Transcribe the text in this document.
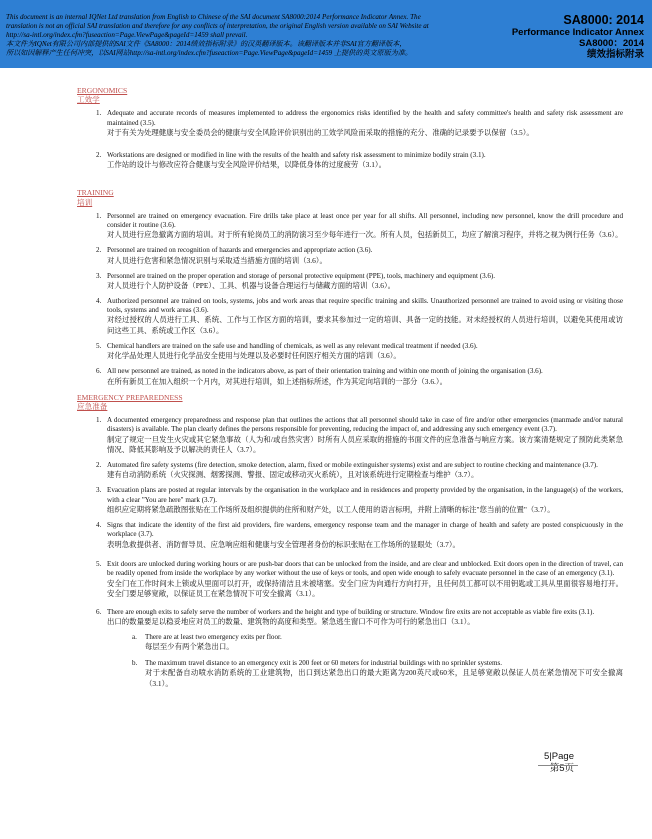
This document is an internal IQNet Ltd translation from English to Chinese of the SAI document SA8000:2014 Performance Indicator Annex. The
translation is not an official SAI translation and therefore for any conflicts of interpretation, the original English version available on SAI Website at
http://sa-intl.org/index.cfm?fuseaction=Page.ViewPage&pageId=1459 shall prevail.
本文件为IQNet有限公司内部提供的SAI文件《SA8000：2014绩效指标附录》的汉英翻译版本。该翻译版本并非SAI官方翻译版本，
所以如因解释产生任何冲突，以SAI网站http://sa-intl.org/index.cfm?fuseaction=Page.ViewPage&pageId=1459 上提供的英文原版为准。
SA8000: 2014
Performance Indicator Annex
SA8000：2014
绩效指标附录
ERGONOMICS
工效学
1. Adequate and accurate records of measures implemented to address the ergonomics risks identified by the health and safety committee's health and safety risk assessment are maintained (3.5).
对于有关为处理健康与安全委员会的健康与安全风险评价识别出的工效学风险而采取的措施的充分、准确的记录要予以保留（3.5）。
2. Workstations are designed or modified in line with the results of the health and safety risk assessment to minimize bodily strain (3.1).
工作站的设计与修改应符合健康与安全风险评价结果，以降低身体的过度疲劳（3.1）。
TRAINING
培训
1. Personnel are trained on emergency evacuation. Fire drills take place at least once per year for all shifts. All personnel, including new personnel, know the drill procedure and consider it routine (3.6).
对人员进行应急撤离方面的培训。对于所有轮岗员工的消防演习至少每年进行一次。所有人员，包括新员工，均应了解演习程序，并将之视为例行任务（3.6）。
2. Personnel are trained on recognition of hazards and emergencies and appropriate action (3.6).
对人员进行危害和紧急情况识别与采取适当措施方面的培训（3.6）。
3. Personnel are trained on the proper operation and storage of personal protective equipment (PPE), tools, machinery and equipment (3.6).
对人员进行个人防护设备（PPE）、工具、机器与设备合理运行与储藏方面的培训（3.6）。
4. Authorized personnel are trained on tools, systems, jobs and work areas that require specific training and skills. Unauthorized personnel are trained to avoid using or visiting those tools, systems and work areas (3.6).
对经过授权的人员进行工具、系统、工作与工作区方面的培训，要求其参加过一定的培训、具备一定的技能。对未经授权的人员进行培训，以避免其使用或访问这些工具、系统或工作区（3.6）。
5. Chemical handlers are trained on the safe use and handling of chemicals, as well as any relevant medical treatment if needed (3.6).
对化学品处理人员进行化学品安全使用与处理以及必要时任何医疗相关方面的培训（3.6）。
6. All new personnel are trained, as noted in the indicators above, as part of their orientation training and within one month of joining the organisation (3.6).
在所有新员工在加入组织一个月内，对其进行培训，如上述指标所述，作为其定向培训的一部分（3.6.）。
EMERGENCY PREPAREDNESS
应急准备
1. A documented emergency preparedness and response plan that outlines the actions that all personnel should take in case of fire and/or other emergencies (manmade and/or natural disasters) is available. The plan clearly defines the persons responsible for preventing, reducing the impact of, and addressing any such emergency event (3.7).
制定了规定一旦发生火灾或其它紧急事故（人为和/或自然灾害）时所有人员应采取的措施的书面文件的应急准备与响应方案。该方案清楚规定了预防此类紧急情况、降低其影响及予以解决的责任人（3.7）。
2. Automated fire safety systems (fire detection, smoke detection, alarm, fixed or mobile extinguisher systems) exist and are subject to routine checking and maintenance (3.7).
建有自动消防系统（火灾探测、烟雾探测、警报、固定或移动灭火系统），且对该系统进行定期检查与维护（3.7）。
3. Evacuation plans are posted at regular intervals by the organisation in the workplace and in residences and property provided by the organisation, in the language(s) of the workers, with a clear "You are here" mark (3.7).
组织应定期将紧急疏散图张贴在工作场所及组织提供的住所和财产处，以工人使用的语言标明，并附上清晰的标注"您当前的位置"（3.7）。
4. Signs that indicate the identity of the first aid providers, fire wardens, emergency response team and the manager in charge of health and safety are posted conspicuously in the workplace (3.7).
表明急救提供者、消防督导员、应急响应组和健康与安全管理者身份的标识张贴在工作场所的显眼处（3.7）。
5. Exit doors are unlocked during working hours or are push-bar doors that can be unlocked from the inside, and are clear and unblocked. Exit doors open in the direction of travel, can be readily opened from inside the workplace by any worker without the use of keys or tools, and open wide enough to safely evacuate personnel in the case of an emergency (3.1).
安全门在工作时间未上锁或从里面可以打开，或保持清洁且未被堵塞。安全门应为向通行方向打开，且任何员工都可以不用钥匙或工具从里面很容易地打开。安全门要足够宽敞，以保证员工在紧急情况下可安全撤离（3.1）。
6. There are enough exits to safely serve the number of workers and the height and type of building or structure. Window fire exits are not acceptable as viable fire exits (3.1).
出口的数量要足以稳妥地应对员工的数量、建筑物的高度和类型。紧急逃生窗口不可作为可行的紧急出口（3.1）。
a. There are at least two emergency exits per floor.
每层至少有两个紧急出口。
b. The maximum travel distance to an emergency exit is 200 feet or 60 meters for industrial buildings with no sprinkler systems.
对于未配备自动喷水消防系统的工业建筑物，出口到达紧急出口的最大距离为200英尺或60米，且足够宽敞以保证人员在紧急情况下可安全撤离（3.1）。
5|Page
第5页
